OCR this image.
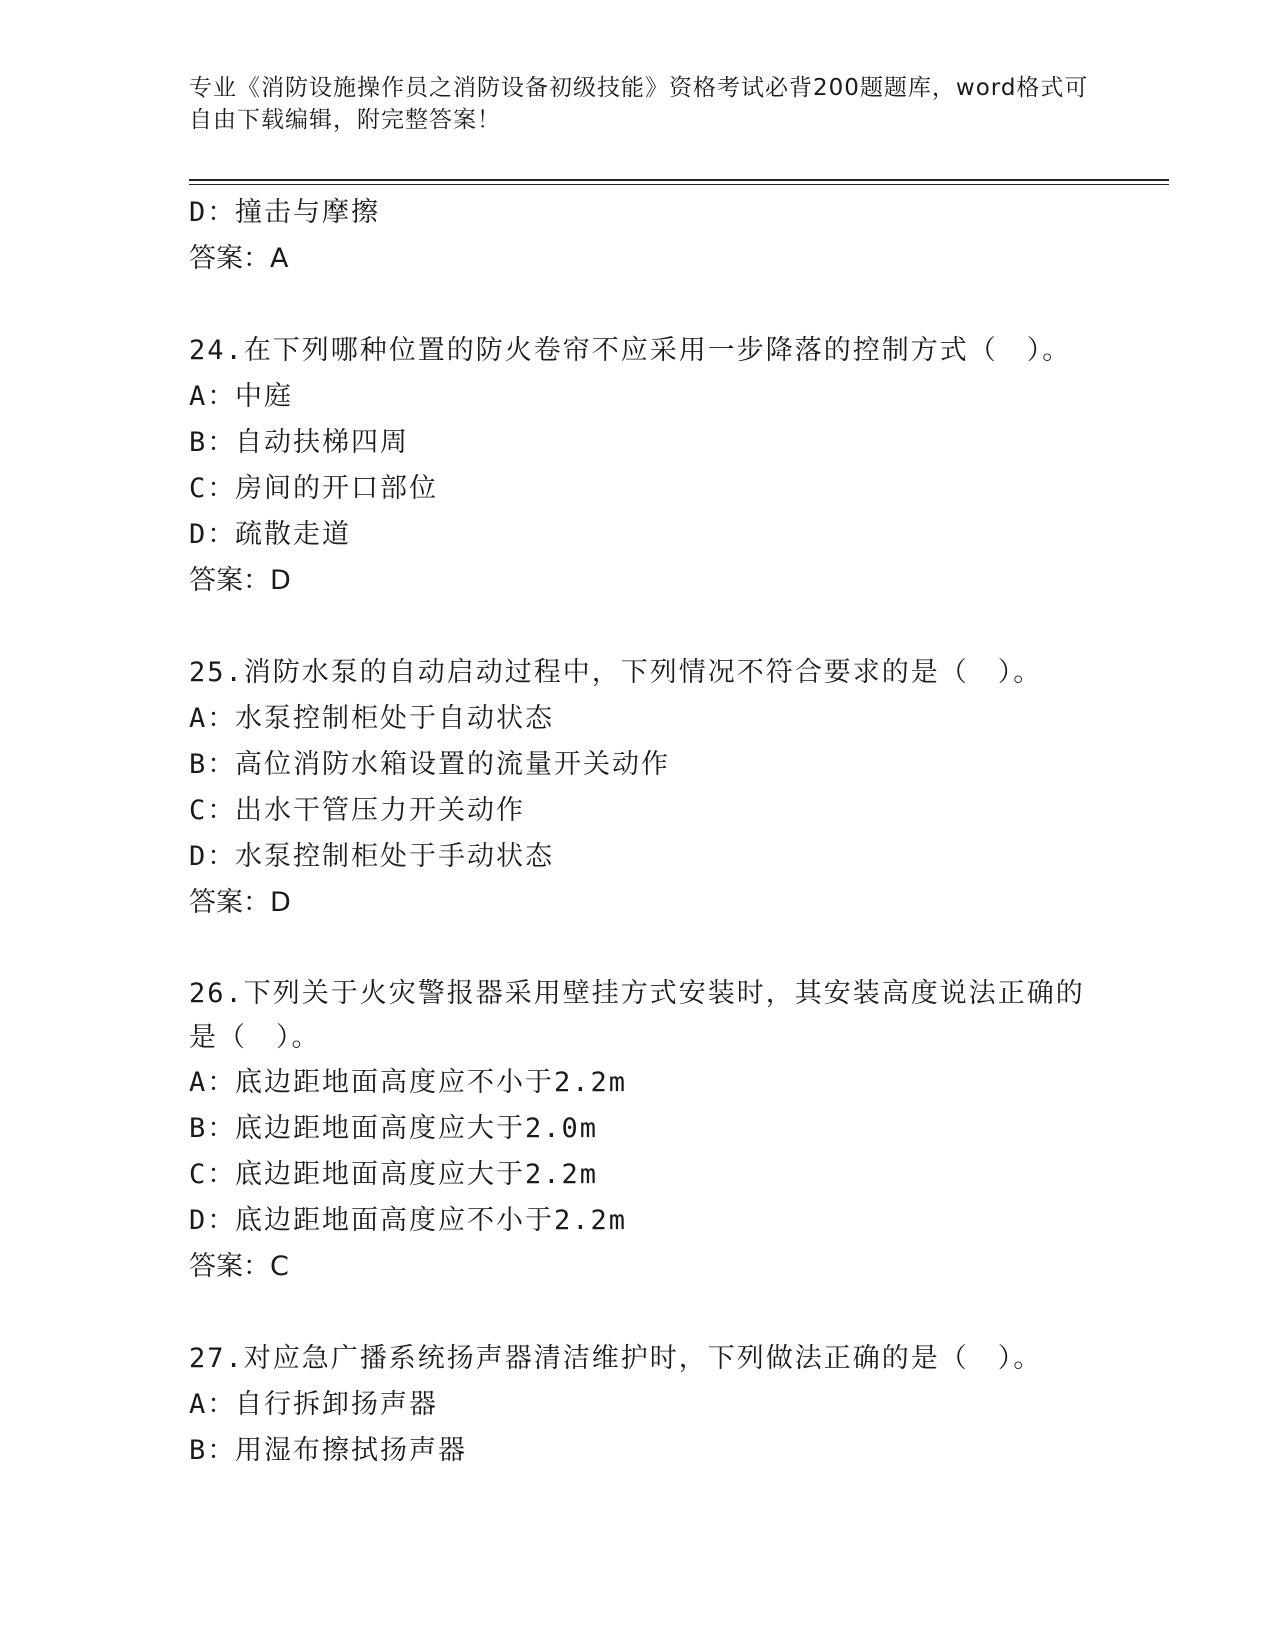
专业《消防设施操作员之消防设备初级技能》资格考试必背200题题库，word格式可自由下载编辑，附完整答案！
D：撞击与摩擦
答案：A
24.在下列哪种位置的防火卷帘不应采用一步降落的控制方式（　）。
A：中庭
B：自动扶梯四周
C：房间的开口部位
D：疏散走道
答案：D
25.消防水泵的自动启动过程中，下列情况不符合要求的是（　）。
A：水泵控制柜处于自动状态
B：高位消防水箱设置的流量开关动作
C：出水干管压力开关动作
D：水泵控制柜处于手动状态
答案：D
26.下列关于火灾警报器采用壁挂方式安装时，其安装高度说法正确的是（　）。
A：底边距地面高度应不小于2.2m
B：底边距地面高度应大于2.0m
C：底边距地面高度应大于2.2m
D：底边距地面高度应不小于2.2m
答案：C
27.对应急广播系统扬声器清洁维护时，下列做法正确的是（　）。
A：自行拆卸扬声器
B：用湿布擦拭扬声器
